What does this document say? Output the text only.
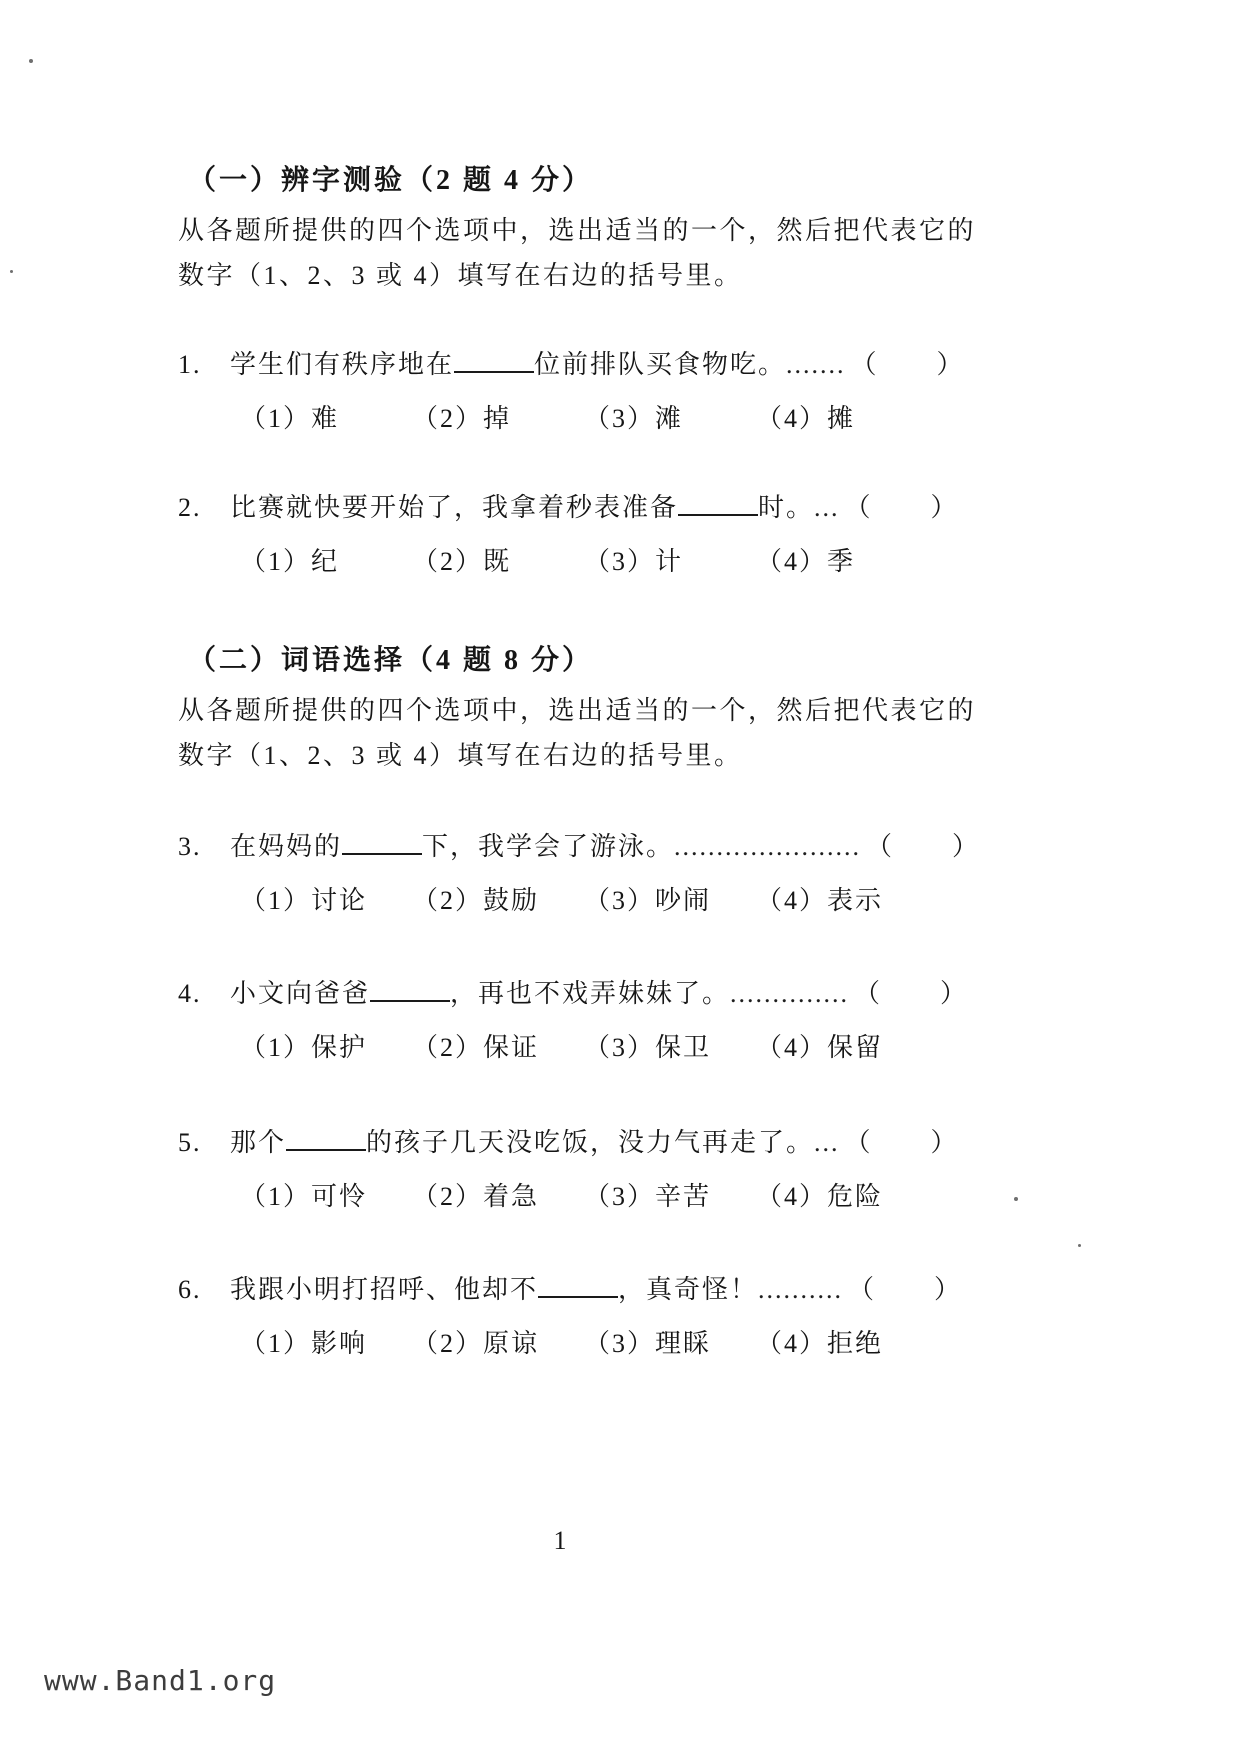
（一）辨字测验（2 题 4 分）
从各题所提供的四个选项中，选出适当的一个，然后把代表它的
数字（1、2、3 或 4）填写在右边的括号里。
1.	学生们有秩序地在	位前排队买食物吃。 ....... （ ）
（1）难	（2）掉	（3）滩	（4）摊
2.	比赛就快要开始了，我拿着秒表准备	时。 ... （ ）
（1）纪	（2）既	（3）计	（4）季
（二）词语选择（4 题 8 分）
从各题所提供的四个选项中，选出适当的一个，然后把代表它的
数字（1、2、3 或 4）填写在右边的括号里。
3.	在妈妈的	下，我学会了游泳。 ...................... （ ）
（1）讨论	（2）鼓励	（3）吵闹	（4）表示
4.	小文向爸爸	，再也不戏弄妹妹了。 .............. （ ）
（1）保护	（2）保证	（3）保卫	（4）保留
5.	那个	的孩子几天没吃饭，没力气再走了。 ... （ ）
（1）可怜	（2）着急	（3）辛苦	（4）危险
6.	我跟小明打招呼、他却不	，真奇怪！ .......... （ ）
（1）影响	（2）原谅	（3）理睬	（4）拒绝
1
www.Band1.org
